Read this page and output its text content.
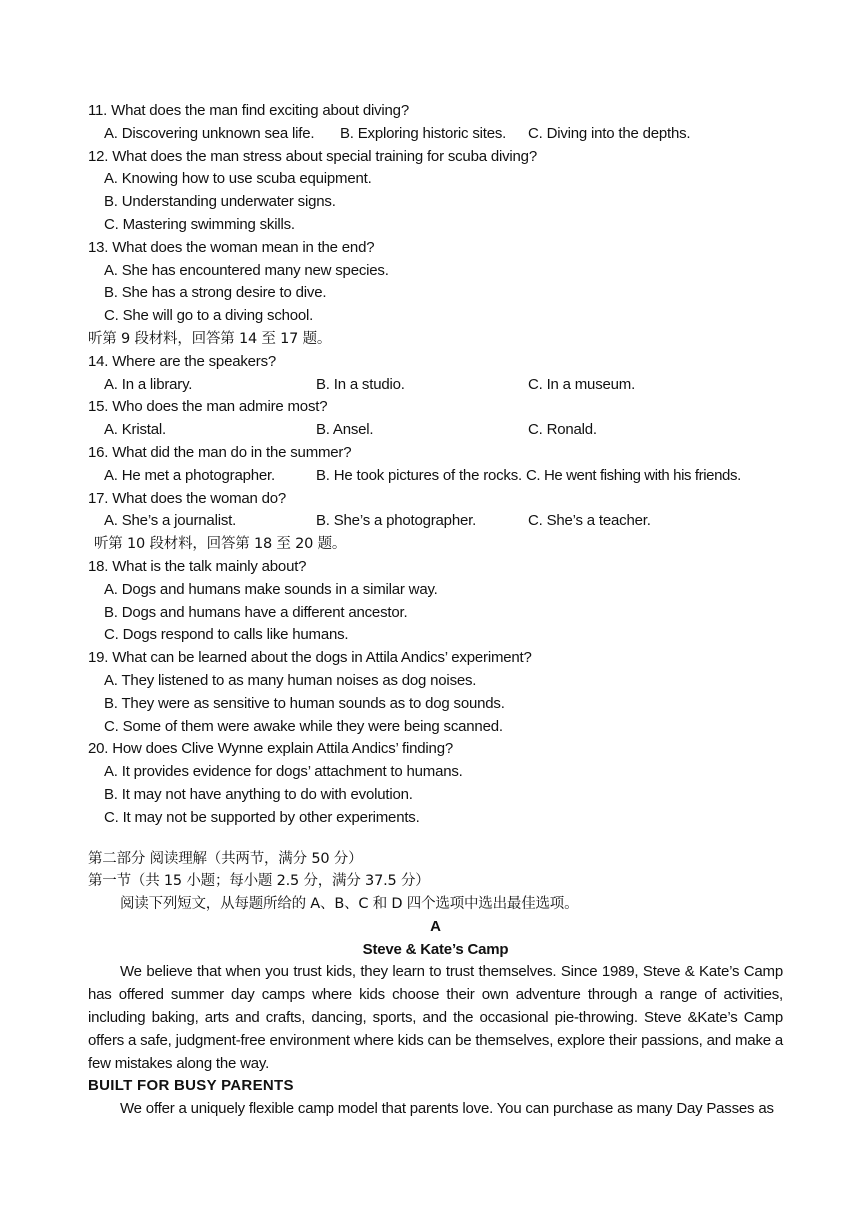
11. What does the man find exciting about diving?
A. Discovering unknown sea life. B. Exploring historic sites. C. Diving into the depths.
12. What does the man stress about special training for scuba diving?
A. Knowing how to use scuba equipment.
B. Understanding underwater signs.
C. Mastering swimming skills.
13. What does the woman mean in the end?
A. She has encountered many new species.
B. She has a strong desire to dive.
C. She will go to a diving school.
听第 9 段材料，回答第 14 至 17 题。
14. Where are the speakers?
A. In a library.	B. In a studio.	C. In a museum.
15. Who does the man admire most?
A. Kristal.	B. Ansel.	C. Ronald.
16. What did the man do in the summer?
A. He met a photographer.	B. He took pictures of the rocks. C. He went fishing with his friends.
17. What does the woman do?
A. She’s a journalist.	B. She’s a photographer.	C. She’s a teacher.
听第 10 段材料，回答第 18 至 20 题。
18. What is the talk mainly about?
A. Dogs and humans make sounds in a similar way.
B. Dogs and humans have a different ancestor.
C. Dogs respond to calls like humans.
19. What can be learned about the dogs in Attila Andics’ experiment?
A. They listened to as many human noises as dog noises.
B. They were as sensitive to human sounds as to dog sounds.
C. Some of them were awake while they were being scanned.
20. How does Clive Wynne explain Attila Andics’ finding?
A. It provides evidence for dogs’ attachment to humans.
B. It may not have anything to do with evolution.
C. It may not be supported by other experiments.
第二部分 阅读理解（共两节，满分 50 分）
第一节（共 15 小题；每小题 2.5 分，满分 37.5 分）
阅读下列短文，从每题所给的 A、B、C 和 D 四个选项中选出最佳选项。
A
Steve & Kate’s Camp
We believe that when you trust kids, they learn to trust themselves. Since 1989, Steve & Kate’s Camp has offered summer day camps where kids choose their own adventure through a range of activities, including baking, arts and crafts, dancing, sports, and the occasional pie-throwing. Steve &Kate’s Camp offers a safe, judgment-free environment where kids can be themselves, explore their passions, and make a few mistakes along the way.
BUILT FOR BUSY PARENTS
We offer a uniquely flexible camp model that parents love. You can purchase as many Day Passes as
